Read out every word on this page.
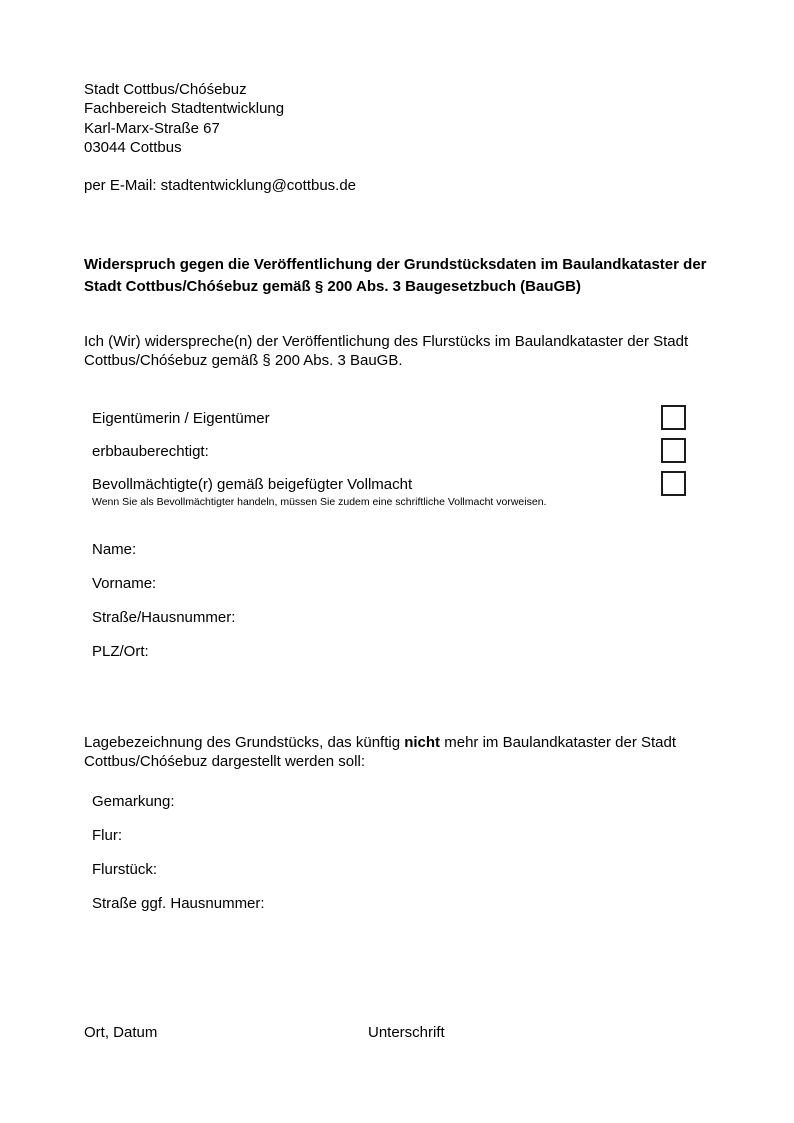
Stadt Cottbus/Chóśebuz
Fachbereich Stadtentwicklung
Karl-Marx-Straße 67
03044 Cottbus
per E-Mail: stadtentwicklung@cottbus.de
Widerspruch gegen die Veröffentlichung der Grundstücksdaten im Baulandkataster der Stadt Cottbus/Chóśebuz gemäß § 200 Abs. 3 Baugesetzbuch (BauGB)
Ich (Wir) widerspreche(n) der Veröffentlichung des Flurstücks im Baulandkataster der Stadt Cottbus/Chóśebuz gemäß § 200 Abs. 3 BauGB.
Eigentümerin / Eigentümer
erbbauberechtigt:
Bevollmächtigte(r) gemäß beigefügter Vollmacht
Wenn Sie als Bevollmächtigter handeln, müssen Sie zudem eine schriftliche Vollmacht vorweisen.
Name:
Vorname:
Straße/Hausnummer:
PLZ/Ort:
Lagebezeichnung des Grundstücks, das künftig nicht mehr im Baulandkataster der Stadt Cottbus/Chóśebuz dargestellt werden soll:
Gemarkung:
Flur:
Flurstück:
Straße ggf. Hausnummer:
Ort, Datum	Unterschrift
